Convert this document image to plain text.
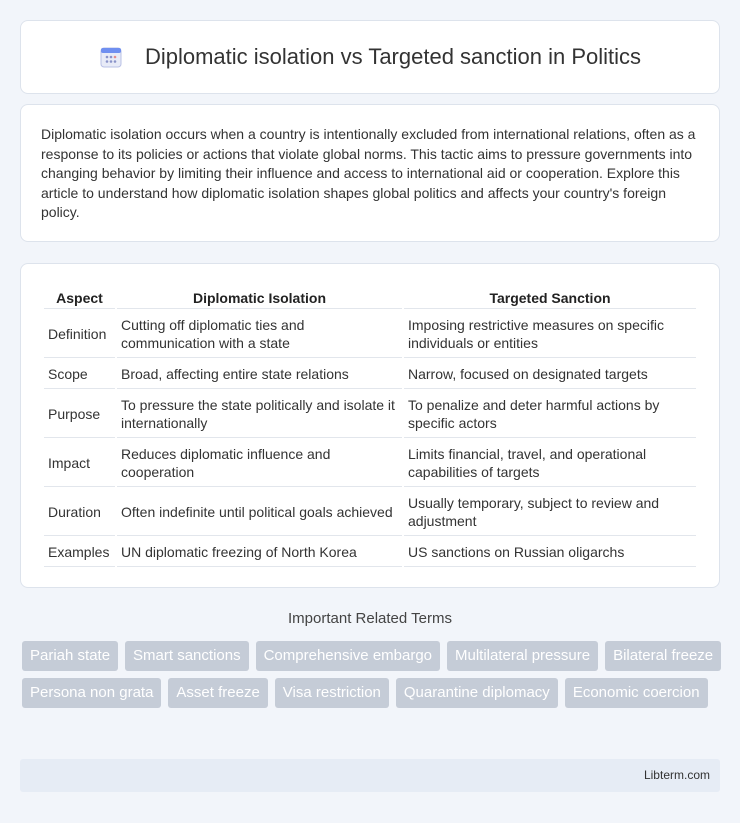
Diplomatic isolation vs Targeted sanction in Politics

Diplomatic isolation occurs when a country is intentionally excluded from international relations, often as a response to its policies or actions that violate global norms. This tactic aims to pressure governments into changing behavior by limiting their influence and access to international aid or cooperation. Explore this article to understand how diplomatic isolation shapes global politics and affects your country's foreign policy.

Aspect	Diplomatic Isolation	Targeted Sanction
Definition	Cutting off diplomatic ties and communication with a state	Imposing restrictive measures on specific individuals or entities
Scope	Broad, affecting entire state relations	Narrow, focused on designated targets
Purpose	To pressure the state politically and isolate it internationally	To penalize and deter harmful actions by specific actors
Impact	Reduces diplomatic influence and cooperation	Limits financial, travel, and operational capabilities of targets
Duration	Often indefinite until political goals achieved	Usually temporary, subject to review and adjustment
Examples	UN diplomatic freezing of North Korea	US sanctions on Russian oligarchs
Important Related Terms
Pariah state	Smart sanctions	Comprehensive embargo	Multilateral pressure	Bilateral freeze
Persona non grata	Asset freeze	Visa restriction	Quarantine diplomacy	Economic coercion
Libterm.com
